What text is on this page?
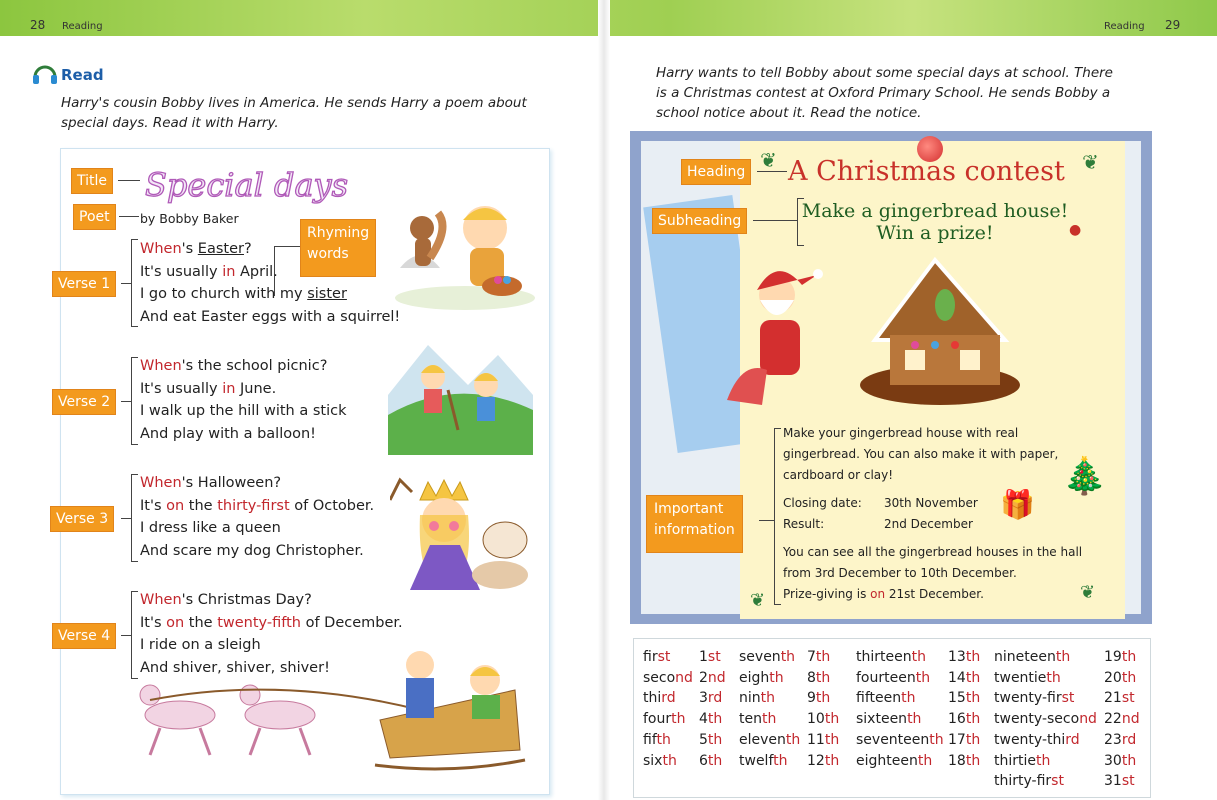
28 Reading	Reading 29
Read
Harry's cousin Bobby lives in America. He sends Harry a poem about
special days. Read it with Harry.
Title
Poet
Rhyming
words
Special days
by Bobby Baker
Verse 1
When's Easter?
It's usually in April.
I go to church with my sister
And eat Easter eggs with a squirrel!
Verse 2
When's the school picnic?
It's usually in June.
I walk up the hill with a stick
And play with a balloon!
Verse 3
When's Halloween?
It's on the thirty-first of October.
I dress like a queen
And scare my dog Christopher.
Verse 4
When's Christmas Day?
It's on the twenty-fifth of December.
I ride on a sleigh
And shiver, shiver, shiver!
Harry wants to tell Bobby about some special days at school. There
is a Christmas contest at Oxford Primary School. He sends Bobby a
school notice about it. Read the notice.
❦	❦
❦	❦
●
Heading
Subheading
Important
information
A Christmas contest
Make a gingerbread house!
Win a prize!
Make your gingerbread house with real
gingerbread. You can also make it with paper,
cardboard or clay!
Closing date: 30th November
Result:	2nd December
You can see all the gingerbread houses in the hall
from 3rd December to 10th December.
Prize-giving is on 21st December.
🎁
🎄
first 1st
second 2nd
third 3rd
fourth 4th
fifth 5th
sixth 6th
seventh 7th
eighth 8th
ninth 9th
tenth 10th
eleventh 11th
twelfth 12th
thirteenth 13th
fourteenth 14th
fifteenth 15th
sixteenth 16th
seventeenth 17th
eighteenth 18th
nineteenth 19th
twentieth	20th
twenty-first 21st
twenty-second 22nd
twenty-third 23rd
thirtieth	30th
thirty-first	31st
